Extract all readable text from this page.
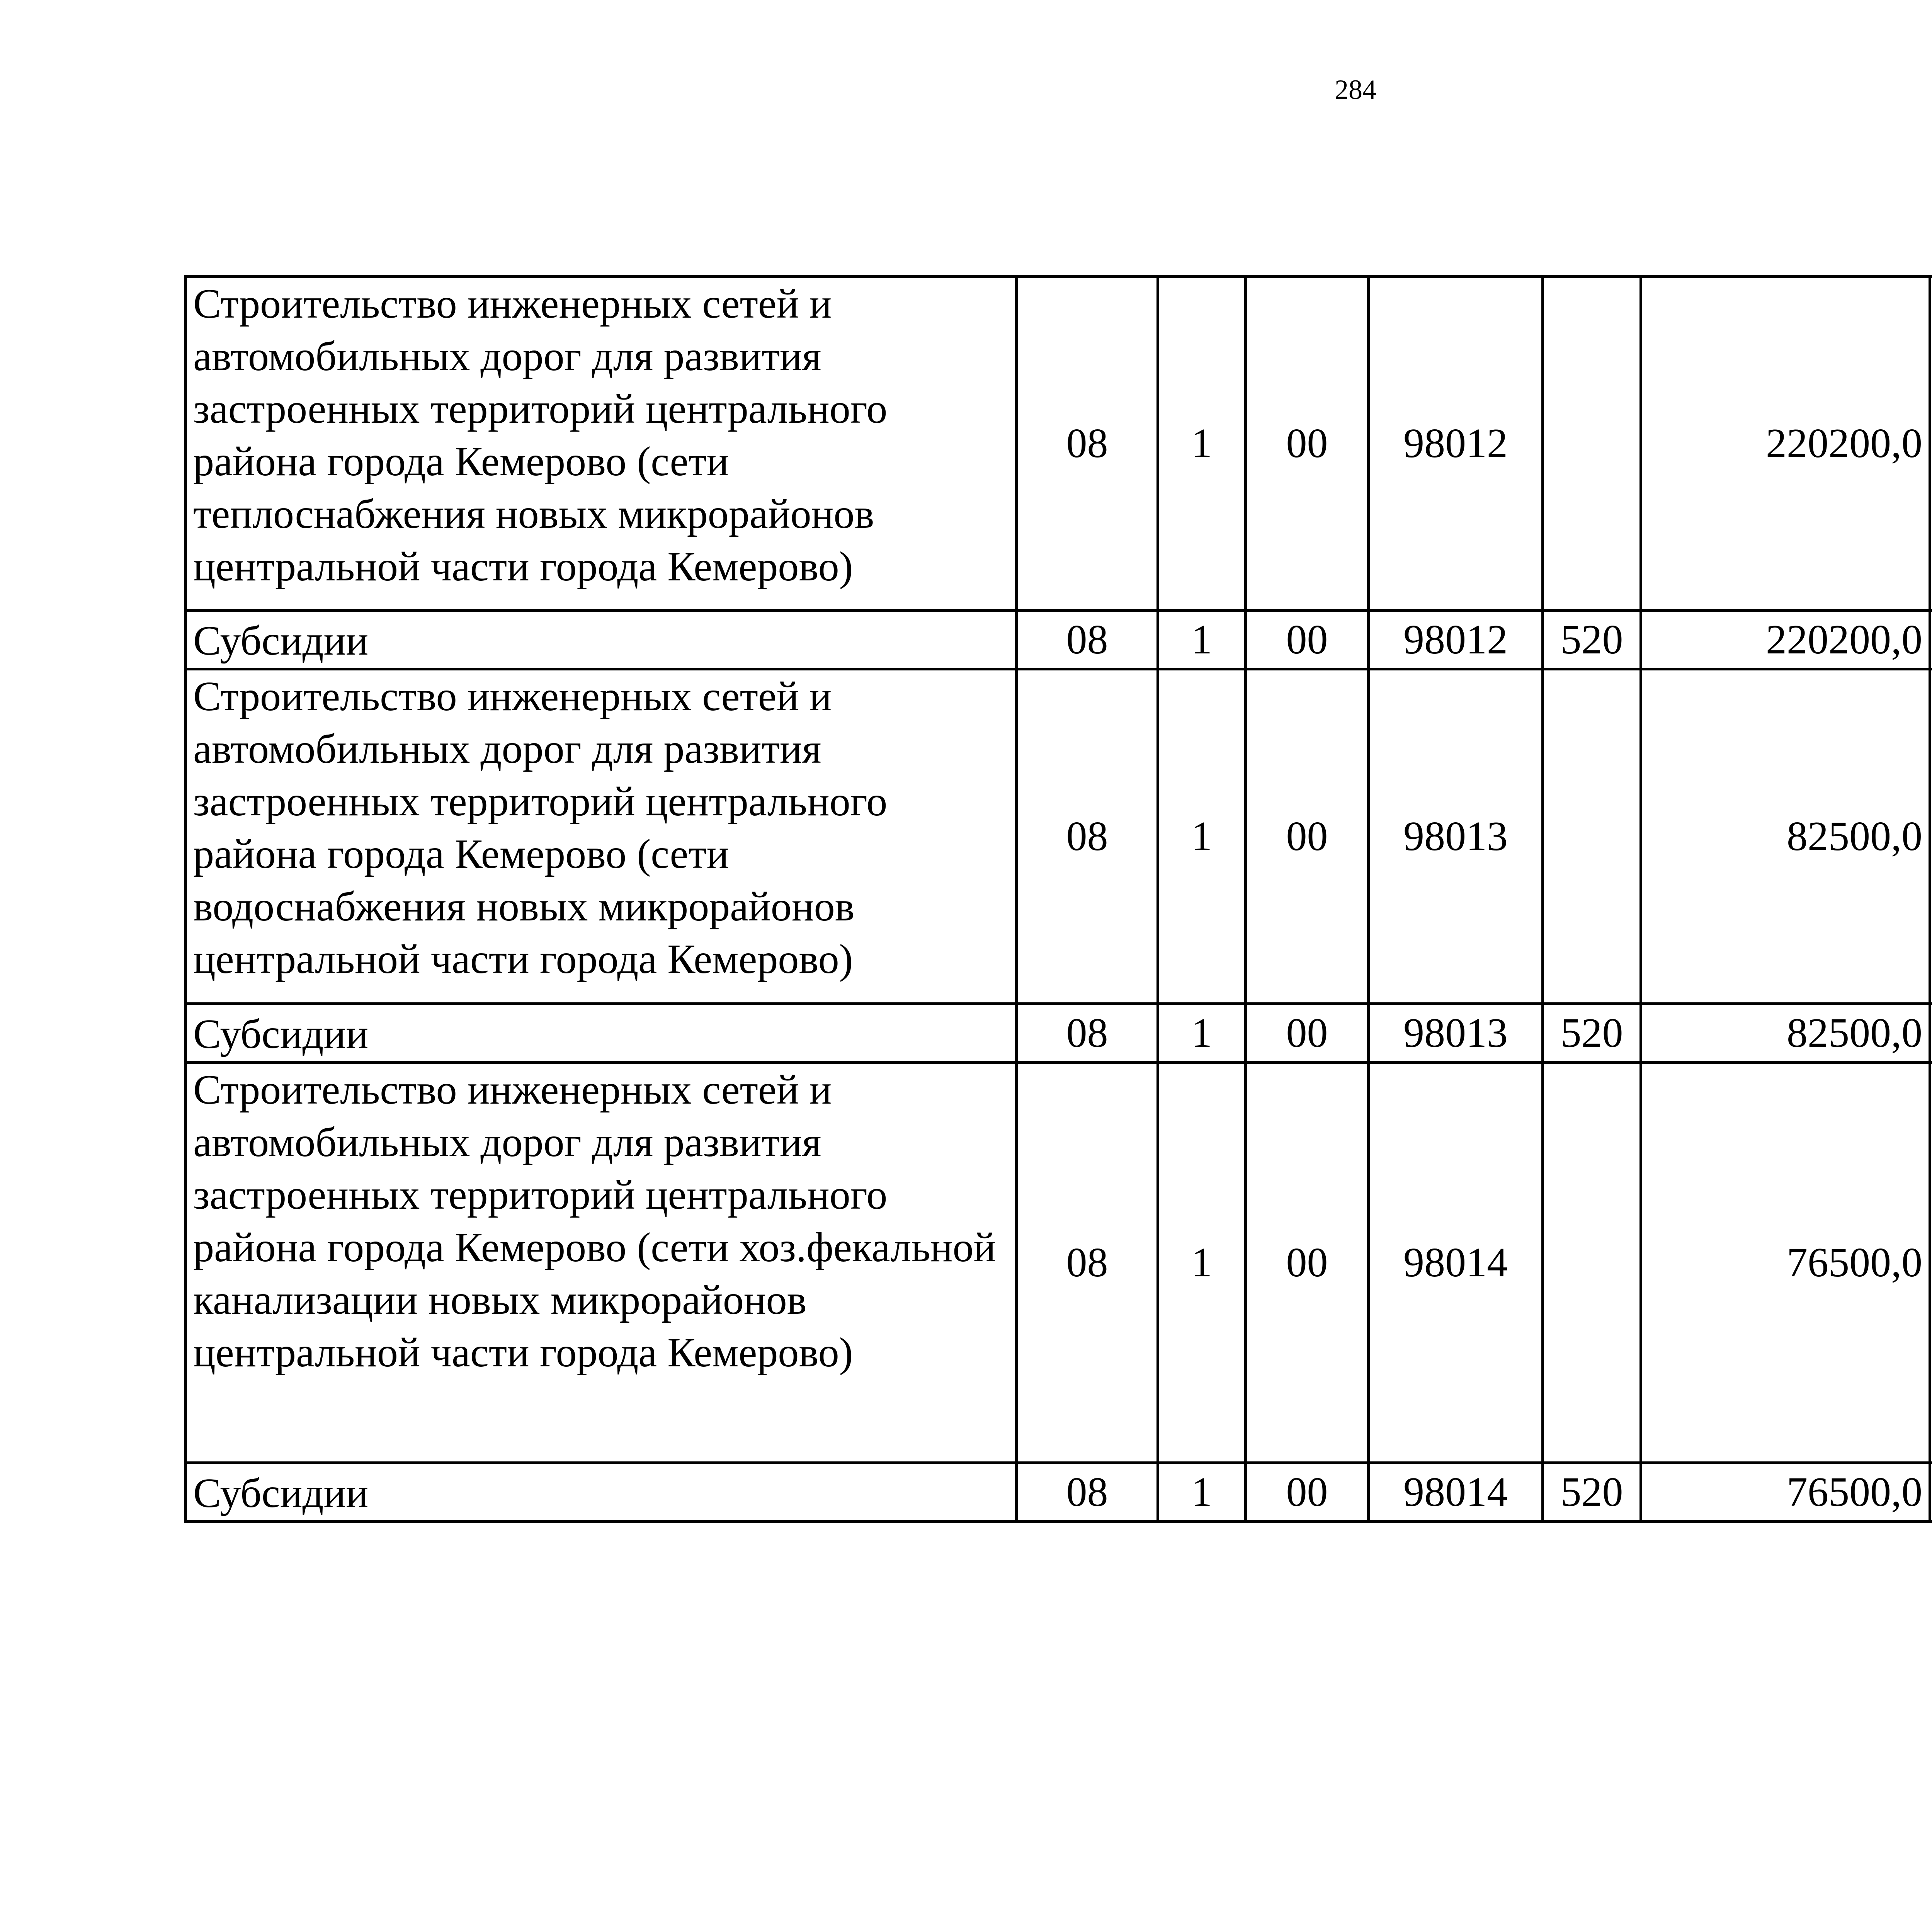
284
Строительство инженерных сетей и автомобильных дорог для развития застроенных территорий центрального района города Кемерово (сети теплоснабжения новых микрорайонов центральной части города Кемерово)	08	1	00	98012		220200,0		
Субсидии	08	1	00	98012	520	220200,0		
Строительство инженерных сетей и автомобильных дорог для развития застроенных территорий центрального района города Кемерово (сети водоснабжения новых микрорайонов центральной части города Кемерово)	08	1	00	98013		82500,0		
Субсидии	08	1	00	98013	520	82500,0		
Строительство инженерных сетей и автомобильных дорог для развития застроенных территорий центрального района города Кемерово (сети хоз.фекальной канализации новых микрорайонов центральной части города Кемерово)	08	1	00	98014		76500,0		
Субсидии	08	1	00	98014	520	76500,0		
